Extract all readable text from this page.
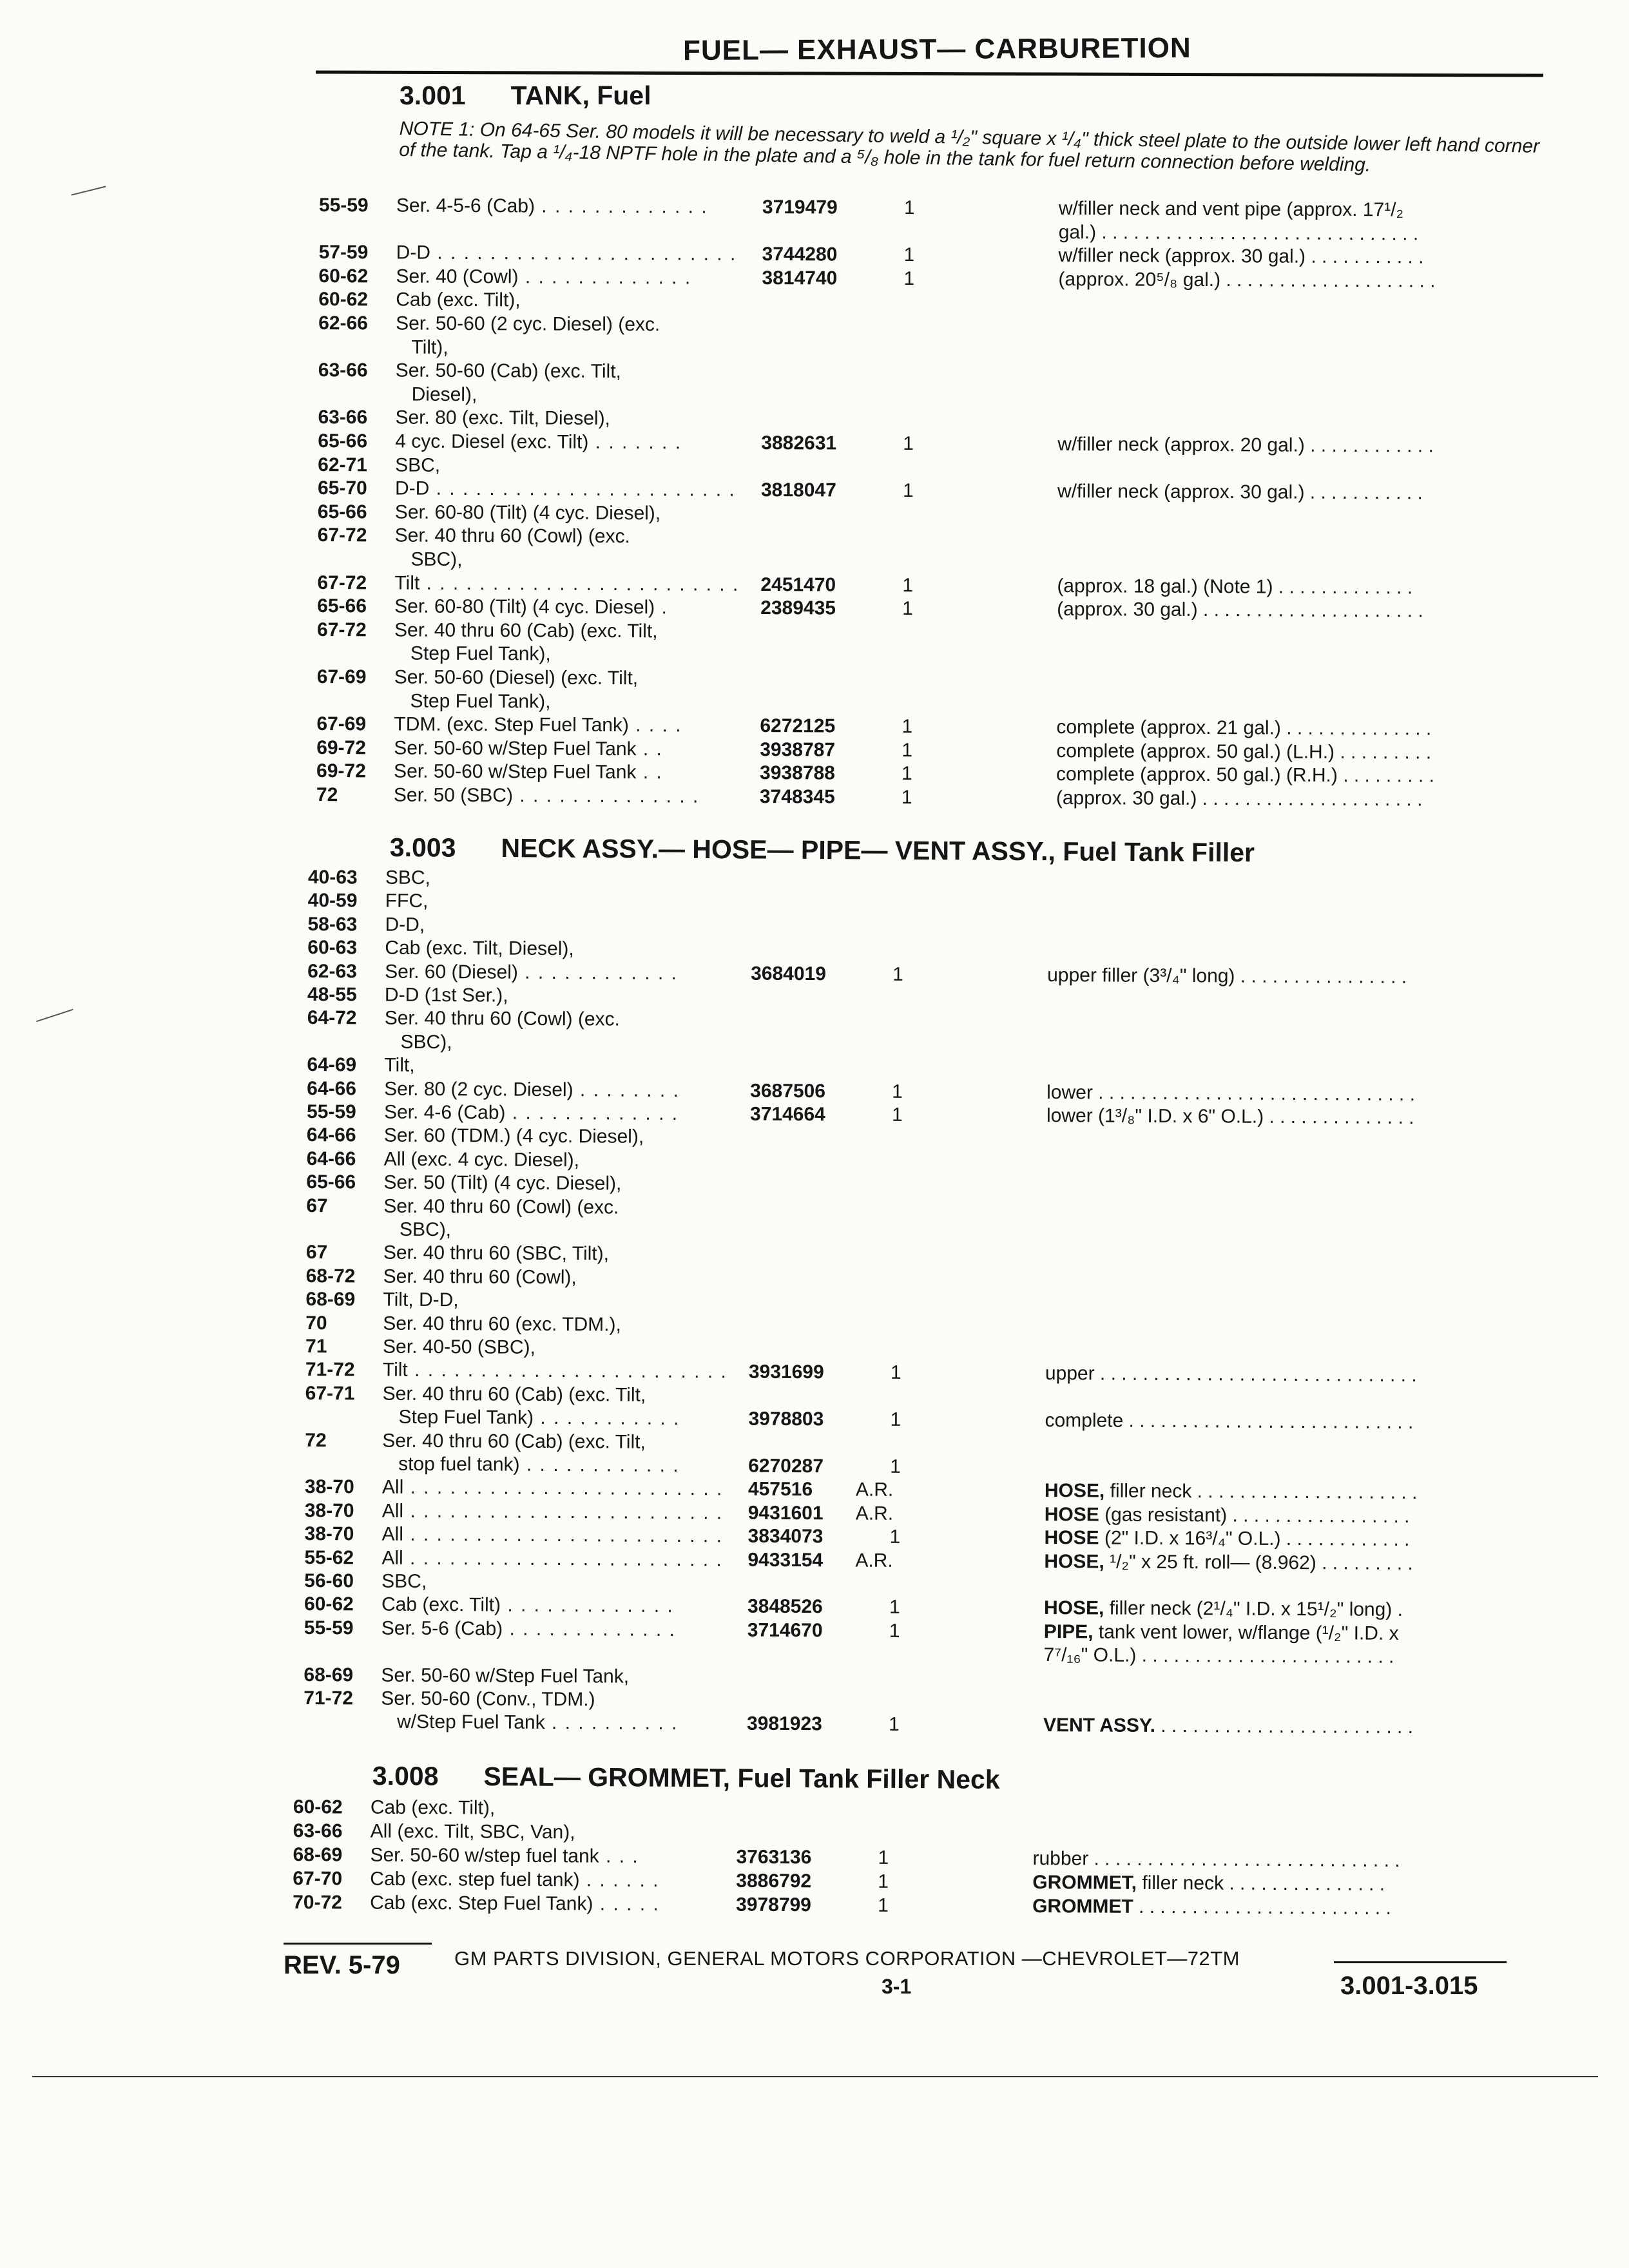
FUEL— EXHAUST— CARBURETION
3.001 TANK, Fuel
NOTE 1: On 64-65 Ser. 80 models it will be necessary to weld a ¹/₂" square x ¹/₄" thick steel plate to the outside lower left hand corner of the tank. Tap a ¹/₄-18 NPTF hole in the plate and a ⁵/₈ hole in the tank for fuel return connection before welding.
55-59 Ser. 4-5-6 (Cab) . . . . . . . . . . . . .	3719479	1	w/filler neck and vent pipe (approx. 17¹/₂
gal.) . . . . . . . . . . . . . . . . . . . . . . . . . . . . . .
57-59 D-D . . . . . . . . . . . . . . . . . . . . . . . 3744280	1	w/filler neck (approx. 30 gal.) . . . . . . . . . . .
60-62 Ser. 40 (Cowl) . . . . . . . . . . . . .	3814740	1	(approx. 20⁵/₈ gal.) . . . . . . . . . . . . . . . . . . . .
60-62 Cab (exc. Tilt),
62-66 Ser. 50-60 (2 cyc. Diesel) (exc.
Tilt),
63-66 Ser. 50-60 (Cab) (exc. Tilt,
Diesel),
63-66 Ser. 80 (exc. Tilt, Diesel),
65-66 4 cyc. Diesel (exc. Tilt) . . . . . . .	3882631	1	w/filler neck (approx. 20 gal.) . . . . . . . . . . . .
62-71 SBC,
65-70 D-D . . . . . . . . . . . . . . . . . . . . . . . 3818047	1	w/filler neck (approx. 30 gal.) . . . . . . . . . . .
65-66 Ser. 60-80 (Tilt) (4 cyc. Diesel),
67-72 Ser. 40 thru 60 (Cowl) (exc.
SBC),
67-72 Tilt . . . . . . . . . . . . . . . . . . . . . . . . 2451470	1	(approx. 18 gal.) (Note 1) . . . . . . . . . . . . .
65-66 Ser. 60-80 (Tilt) (4 cyc. Diesel) .	2389435	1	(approx. 30 gal.) . . . . . . . . . . . . . . . . . . . . .
67-72 Ser. 40 thru 60 (Cab) (exc. Tilt,
Step Fuel Tank),
67-69 Ser. 50-60 (Diesel) (exc. Tilt,
Step Fuel Tank),
67-69 TDM. (exc. Step Fuel Tank) . . . .	6272125	1	complete (approx. 21 gal.) . . . . . . . . . . . . . .
69-72 Ser. 50-60 w/Step Fuel Tank . .	3938787	1	complete (approx. 50 gal.) (L.H.) . . . . . . . . .
69-72 Ser. 50-60 w/Step Fuel Tank . .	3938788	1	complete (approx. 50 gal.) (R.H.) . . . . . . . . .
72	Ser. 50 (SBC) . . . . . . . . . . . . . .	3748345	1	(approx. 30 gal.) . . . . . . . . . . . . . . . . . . . . .
3.003 NECK ASSY.— HOSE— PIPE— VENT ASSY., Fuel Tank Filler
40-63 SBC,
40-59 FFC,
58-63 D-D,
60-63 Cab (exc. Tilt, Diesel),
62-63 Ser. 60 (Diesel) . . . . . . . . . . . .	3684019	1	upper filler (3³/₄" long) . . . . . . . . . . . . . . . .
48-55 D-D (1st Ser.),
64-72 Ser. 40 thru 60 (Cowl) (exc.
SBC),
64-69 Tilt,
64-66 Ser. 80 (2 cyc. Diesel) . . . . . . . .	3687506	1	lower . . . . . . . . . . . . . . . . . . . . . . . . . . . . . .
55-59 Ser. 4-6 (Cab) . . . . . . . . . . . . .	3714664	1	lower (1³/₈" I.D. x 6" O.L.) . . . . . . . . . . . . . .
64-66 Ser. 60 (TDM.) (4 cyc. Diesel),
64-66 All (exc. 4 cyc. Diesel),
65-66 Ser. 50 (Tilt) (4 cyc. Diesel),
67	Ser. 40 thru 60 (Cowl) (exc.
SBC),
67	Ser. 40 thru 60 (SBC, Tilt),
68-72 Ser. 40 thru 60 (Cowl),
68-69 Tilt, D-D,
70	Ser. 40 thru 60 (exc. TDM.),
71	Ser. 40-50 (SBC),
71-72 Tilt . . . . . . . . . . . . . . . . . . . . . . . . 3931699	1	upper . . . . . . . . . . . . . . . . . . . . . . . . . . . . . .
67-71 Ser. 40 thru 60 (Cab) (exc. Tilt,
Step Fuel Tank) . . . . . . . . . . .	3978803	1	complete . . . . . . . . . . . . . . . . . . . . . . . . . . .
72	Ser. 40 thru 60 (Cab) (exc. Tilt,
stop fuel tank) . . . . . . . . . . . .	6270287	1
38-70 All . . . . . . . . . . . . . . . . . . . . . . . . 457516 A.R.	HOSE, filler neck . . . . . . . . . . . . . . . . . . . . .
38-70 All . . . . . . . . . . . . . . . . . . . . . . . . 9431601 A.R.	HOSE (gas resistant) . . . . . . . . . . . . . . . . .
38-70 All . . . . . . . . . . . . . . . . . . . . . . . . 3834073	1	HOSE (2" I.D. x 16³/₄" O.L.) . . . . . . . . . . . .
55-62 All . . . . . . . . . . . . . . . . . . . . . . . . 9433154 A.R.	HOSE, ¹/₂" x 25 ft. roll— (8.962) . . . . . . . . .
56-60 SBC,
60-62 Cab (exc. Tilt) . . . . . . . . . . . . .	3848526	1	HOSE, filler neck (2¹/₄" I.D. x 15¹/₂" long) .
55-59 Ser. 5-6 (Cab) . . . . . . . . . . . . .	3714670	1	PIPE, tank vent lower, w/flange (¹/₂" I.D. x
7⁷/₁₆" O.L.) . . . . . . . . . . . . . . . . . . . . . . . .
68-69 Ser. 50-60 w/Step Fuel Tank,
71-72 Ser. 50-60 (Conv., TDM.)
w/Step Fuel Tank . . . . . . . . . .	3981923	1	VENT ASSY. . . . . . . . . . . . . . . . . . . . . . . . .
3.008 SEAL— GROMMET, Fuel Tank Filler Neck
60-62 Cab (exc. Tilt),
63-66 All (exc. Tilt, SBC, Van),
68-69 Ser. 50-60 w/step fuel tank . . .	3763136	1	rubber . . . . . . . . . . . . . . . . . . . . . . . . . . . . .
67-70 Cab (exc. step fuel tank) . . . . . .	3886792	1	GROMMET, filler neck . . . . . . . . . . . . . . .
70-72 Cab (exc. Step Fuel Tank) . . . . .	3978799	1	GROMMET . . . . . . . . . . . . . . . . . . . . . . . .
REV. 5-79	GM PARTS DIVISION, GENERAL MOTORS CORPORATION —CHEVROLET—72TM
3-1	3.001-3.015
